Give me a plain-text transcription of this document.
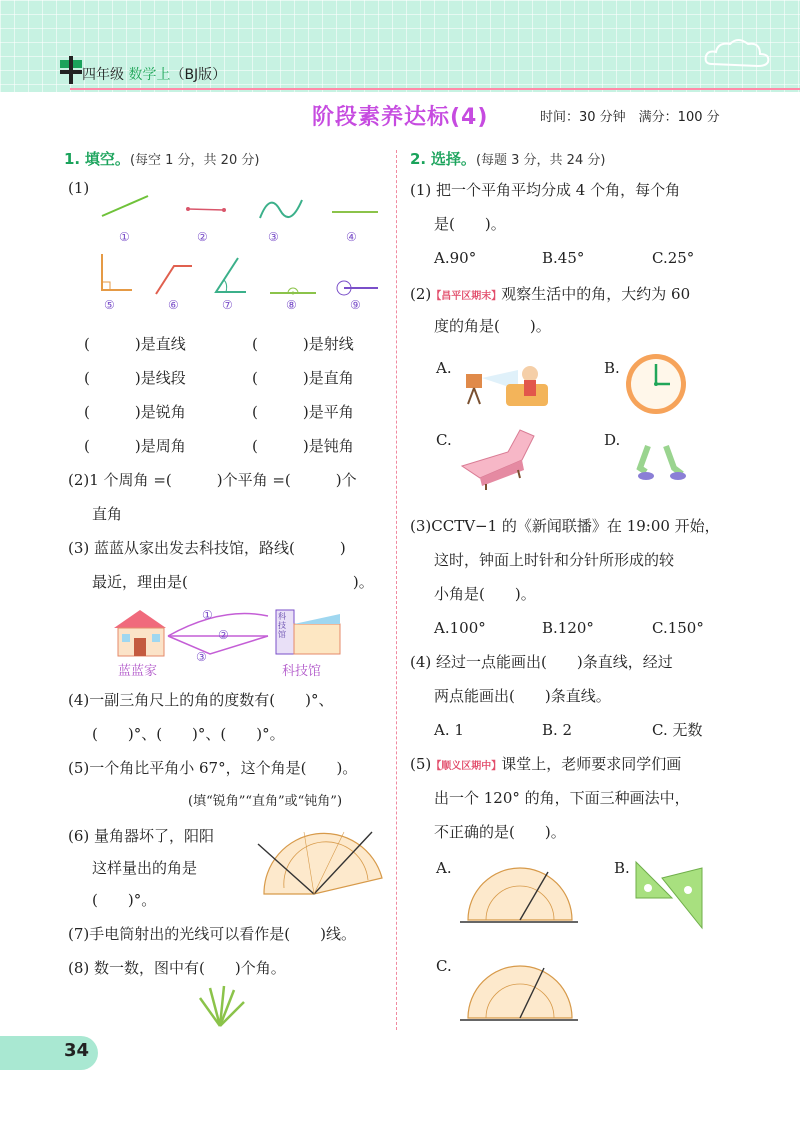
四年级 数学上（BJ版）
阶段素养达标(4)	时间：30 分钟　满分：100 分
1. 填空。(每空 1 分，共 20 分)
(1)
①	②	③	④
⑤	⑥	⑦	⑧	⑨
(　　　)是直线	(　　　)是射线
(　　　)是线段	(　　　)是直角
(　　　)是锐角	(　　　)是平角
(　　　)是周角	(　　　)是钝角
(2)1 个周角 =(　　　)个平角 =(　　　)个
直角
(3) 蓝蓝从家出发去科技馆，路线(　　　)
最近，理由是(　　　　　　　　　　　)。
①
②
③
蓝蓝家	科技馆
科技馆
(4)一副三角尺上的角的度数有(　　)°、
(　　)°、(　　)°、(　　)°。
(5)一个角比平角小 67°，这个角是(　　)。
(填“锐角”“直角”或“钝角”)
(6) 量角器坏了，阳阳
这样量出的角是
(　　)°。
(7)手电筒射出的光线可以看作是(　　)线。
(8) 数一数，图中有(　　)个角。
2. 选择。(每题 3 分，共 24 分)
(1) 把一个平角平均分成 4 个角，每个角
是(　　)。
A.90°	B.45°	C.25°
(2)【昌平区期末】观察生活中的角，大约为 60
度的角是(　　)。
A.	B.
C.	D.
(3)CCTV−1 的《新闻联播》在 19:00 开始，
这时，钟面上时针和分针所形成的较
小角是(　　)。
A.100°	B.120°	C.150°
(4) 经过一点能画出(　　)条直线，经过
两点能画出(　　)条直线。
A. 1	B. 2	C. 无数
(5)【顺义区期中】课堂上，老师要求同学们画
出一个 120° 的角，下面三种画法中，
不正确的是(　　)。
A.	B.
C.
34
